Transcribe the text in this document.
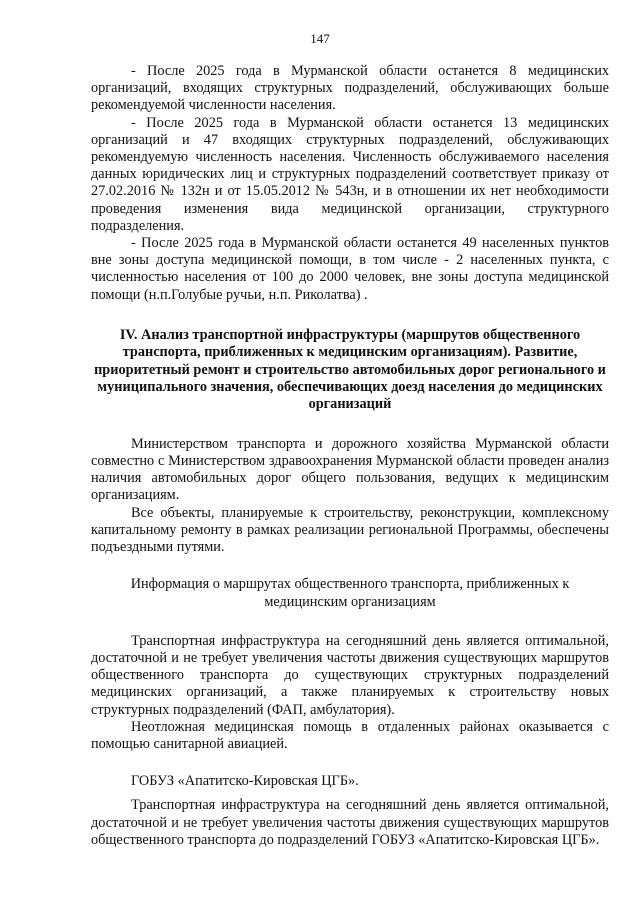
147

- После 2025 года в Мурманской области останется 8 медицинских организаций, входящих структурных подразделений, обслуживающих больше рекомендуемой численности населения.

- После 2025 года в Мурманской области останется 13 медицинских организаций и 47 входящих структурных подразделений, обслуживающих рекомендуемую численность населения. Численность обслуживаемого населения данных юридических лиц и структурных подразделений соответствует приказу от 27.02.2016 № 132н и от 15.05.2012 № 543н, и в отношении их нет необходимости проведения изменения вида медицинской организации, структурного подразделения.

- После 2025 года в Мурманской области останется 49 населенных пунктов вне зоны доступа медицинской помощи, в том числе - 2 населенных пункта, с численностью населения от 100 до 2000 человек, вне зоны доступа медицинской помощи (н.п.Голубые ручьи, н.п. Риколатва) .

IV. Анализ транспортной инфраструктуры (маршрутов общественного транспорта, приближенных к медицинским организациям). Развитие, приоритетный ремонт и строительство автомобильных дорог регионального и муниципального значения, обеспечивающих доезд населения до медицинских организаций

Министерством транспорта и дорожного хозяйства Мурманской области совместно с Министерством здравоохранения Мурманской области проведен анализ наличия автомобильных дорог общего пользования, ведущих к медицинским организациям.

Все объекты, планируемые к строительству, реконструкции, комплексному капитальному ремонту в рамках реализации региональной Программы, обеспечены подъездными путями.

Информация о маршрутах общественного транспорта, приближенных к медицинским организациям

Транспортная инфраструктура на сегодняшний день является оптимальной, достаточной и не требует увеличения частоты движения существующих маршрутов общественного транспорта до существующих структурных подразделений медицинских организаций, а также планируемых к строительству новых структурных подразделений (ФАП, амбулатория).

Неотложная медицинская помощь в отдаленных районах оказывается с помощью санитарной авиацией.

ГОБУЗ «Апатитско-Кировская ЦГБ».

Транспортная инфраструктура на сегодняшний день является оптимальной, достаточной и не требует увеличения частоты движения существующих маршрутов общественного транспорта до подразделений ГОБУЗ «Апатитско-Кировская ЦГБ».
